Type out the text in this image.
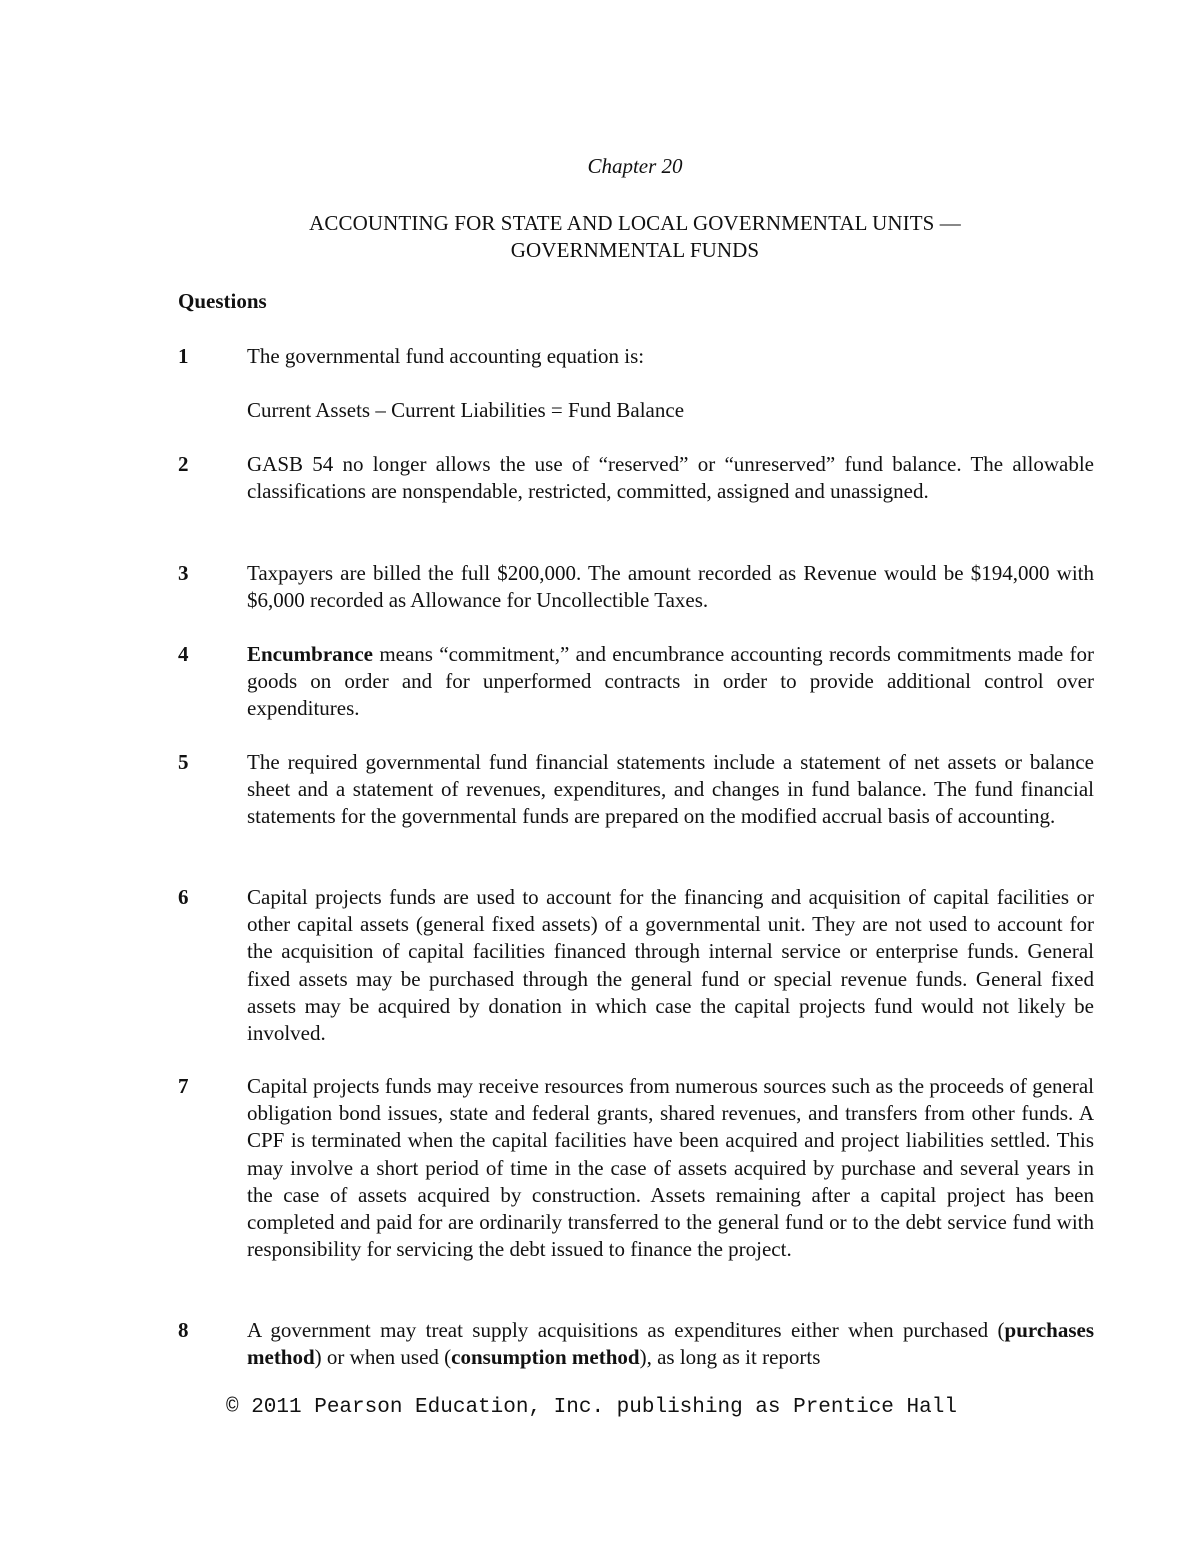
Chapter 20
ACCOUNTING FOR STATE AND LOCAL GOVERNMENTAL UNITS —
GOVERNMENTAL FUNDS
Questions
1	The governmental fund accounting equation is:

Current Assets – Current Liabilities = Fund Balance

2	GASB 54 no longer allows the use of “reserved” or “unreserved” fund balance. The allowable classifications are nonspendable, restricted, committed, assigned and unassigned.

3	Taxpayers are billed the full $200,000. The amount recorded as Revenue would be $194,000 with $6,000 recorded as Allowance for Uncollectible Taxes.

4	Encumbrance means “commitment,” and encumbrance accounting records commitments made for goods on order and for unperformed contracts in order to provide additional control over expenditures.

5	The required governmental fund financial statements include a statement of net assets or balance sheet and a statement of revenues, expenditures, and changes in fund balance. The fund financial statements for the governmental funds are prepared on the modified accrual basis of accounting.

6	Capital projects funds are used to account for the financing and acquisition of capital facilities or other capital assets (general fixed assets) of a governmental unit. They are not used to account for the acquisition of capital facilities financed through internal service or enterprise funds. General fixed assets may be purchased through the general fund or special revenue funds. General fixed assets may be acquired by donation in which case the capital projects fund would not likely be involved.

7	Capital projects funds may receive resources from numerous sources such as the proceeds of general obligation bond issues, state and federal grants, shared revenues, and transfers from other funds. A CPF is terminated when the capital facilities have been acquired and project liabilities settled. This may involve a short period of time in the case of assets acquired by purchase and several years in the case of assets acquired by construction. Assets remaining after a capital project has been completed and paid for are ordinarily transferred to the general fund or to the debt service fund with responsibility for servicing the debt issued to finance the project.

8	A government may treat supply acquisitions as expenditures either when purchased (purchases method) or when used (consumption method), as long as it reports

© 2011 Pearson Education, Inc. publishing as Prentice Hall
